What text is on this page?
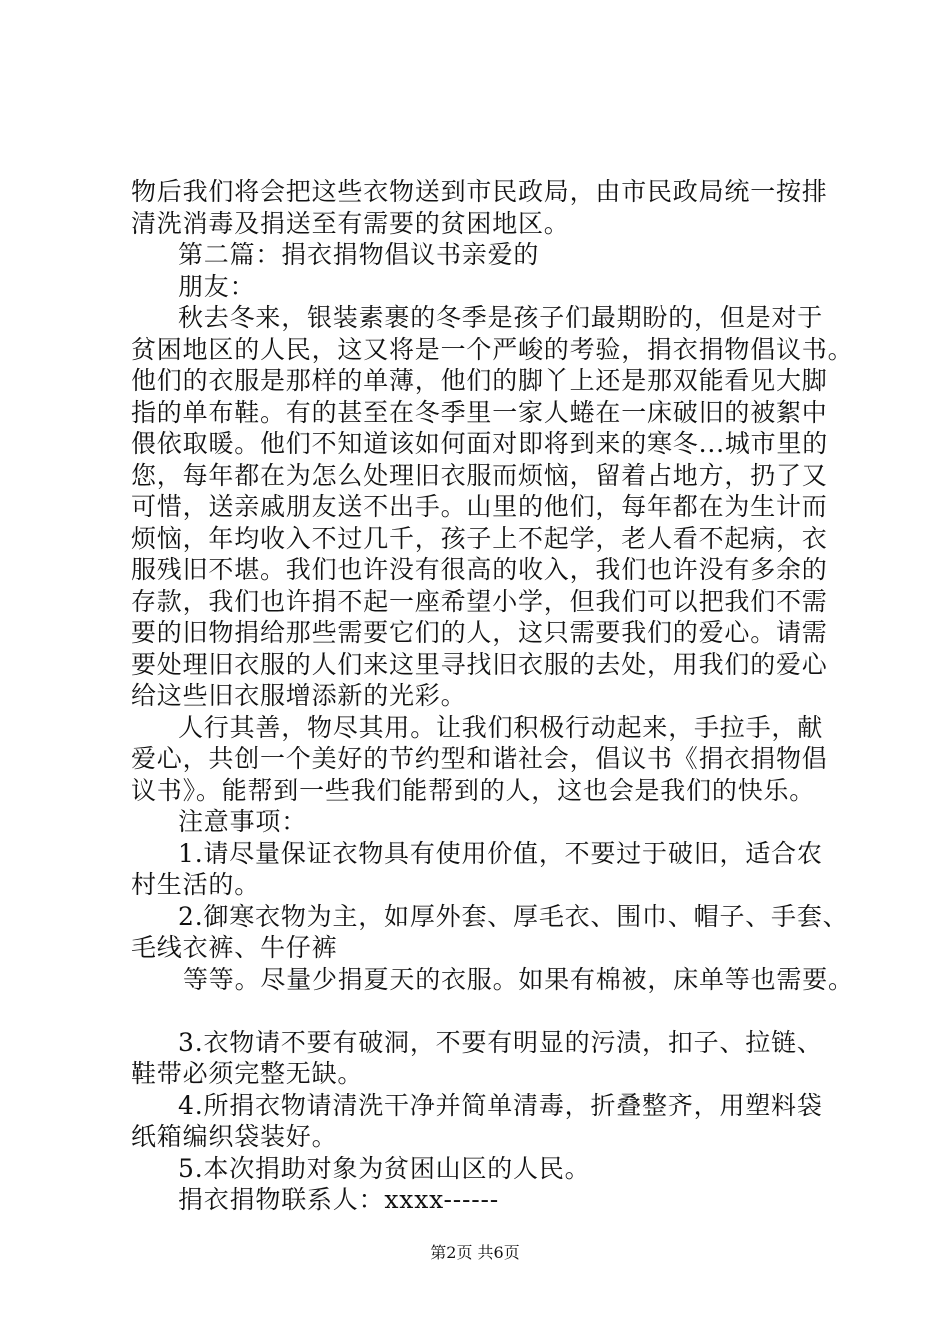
物后我们将会把这些衣物送到市民政局，由市民政局统一按排
清洗消毒及捐送至有需要的贫困地区。
第二篇：捐衣捐物倡议书亲爱的
朋友：
秋去冬来，银装素裹的冬季是孩子们最期盼的，但是对于
贫困地区的人民，这又将是一个严峻的考验，捐衣捐物倡议书。
他们的衣服是那样的单薄，他们的脚丫上还是那双能看见大脚
指的单布鞋。有的甚至在冬季里一家人蜷在一床破旧的被絮中
偎依取暖。他们不知道该如何面对即将到来的寒冬...城市里的
您，每年都在为怎么处理旧衣服而烦恼，留着占地方，扔了又
可惜，送亲戚朋友送不出手。山里的他们，每年都在为生计而
烦恼，年均收入不过几千，孩子上不起学，老人看不起病，衣
服残旧不堪。我们也许没有很高的收入，我们也许没有多余的
存款，我们也许捐不起一座希望小学，但我们可以把我们不需
要的旧物捐给那些需要它们的人，这只需要我们的爱心。请需
要处理旧衣服的人们来这里寻找旧衣服的去处，用我们的爱心
给这些旧衣服增添新的光彩。
人行其善，物尽其用。让我们积极行动起来，手拉手，献
爱心，共创一个美好的节约型和谐社会，倡议书《捐衣捐物倡
议书》。能帮到一些我们能帮到的人，这也会是我们的快乐。
注意事项：
1.请尽量保证衣物具有使用价值，不要过于破旧，适合农
村生活的。
2.御寒衣物为主，如厚外套、厚毛衣、围巾、帽子、手套、
毛线衣裤、牛仔裤
等等。尽量少捐夏天的衣服。如果有棉被，床单等也需要。
3.衣物请不要有破洞，不要有明显的污渍，扣子、拉链、
鞋带必须完整无缺。
4.所捐衣物请清洗干净并简单清毒，折叠整齐，用塑料袋
纸箱编织袋装好。
5.本次捐助对象为贫困山区的人民。
捐衣捐物联系人：xxxx------
第2页 共6页
